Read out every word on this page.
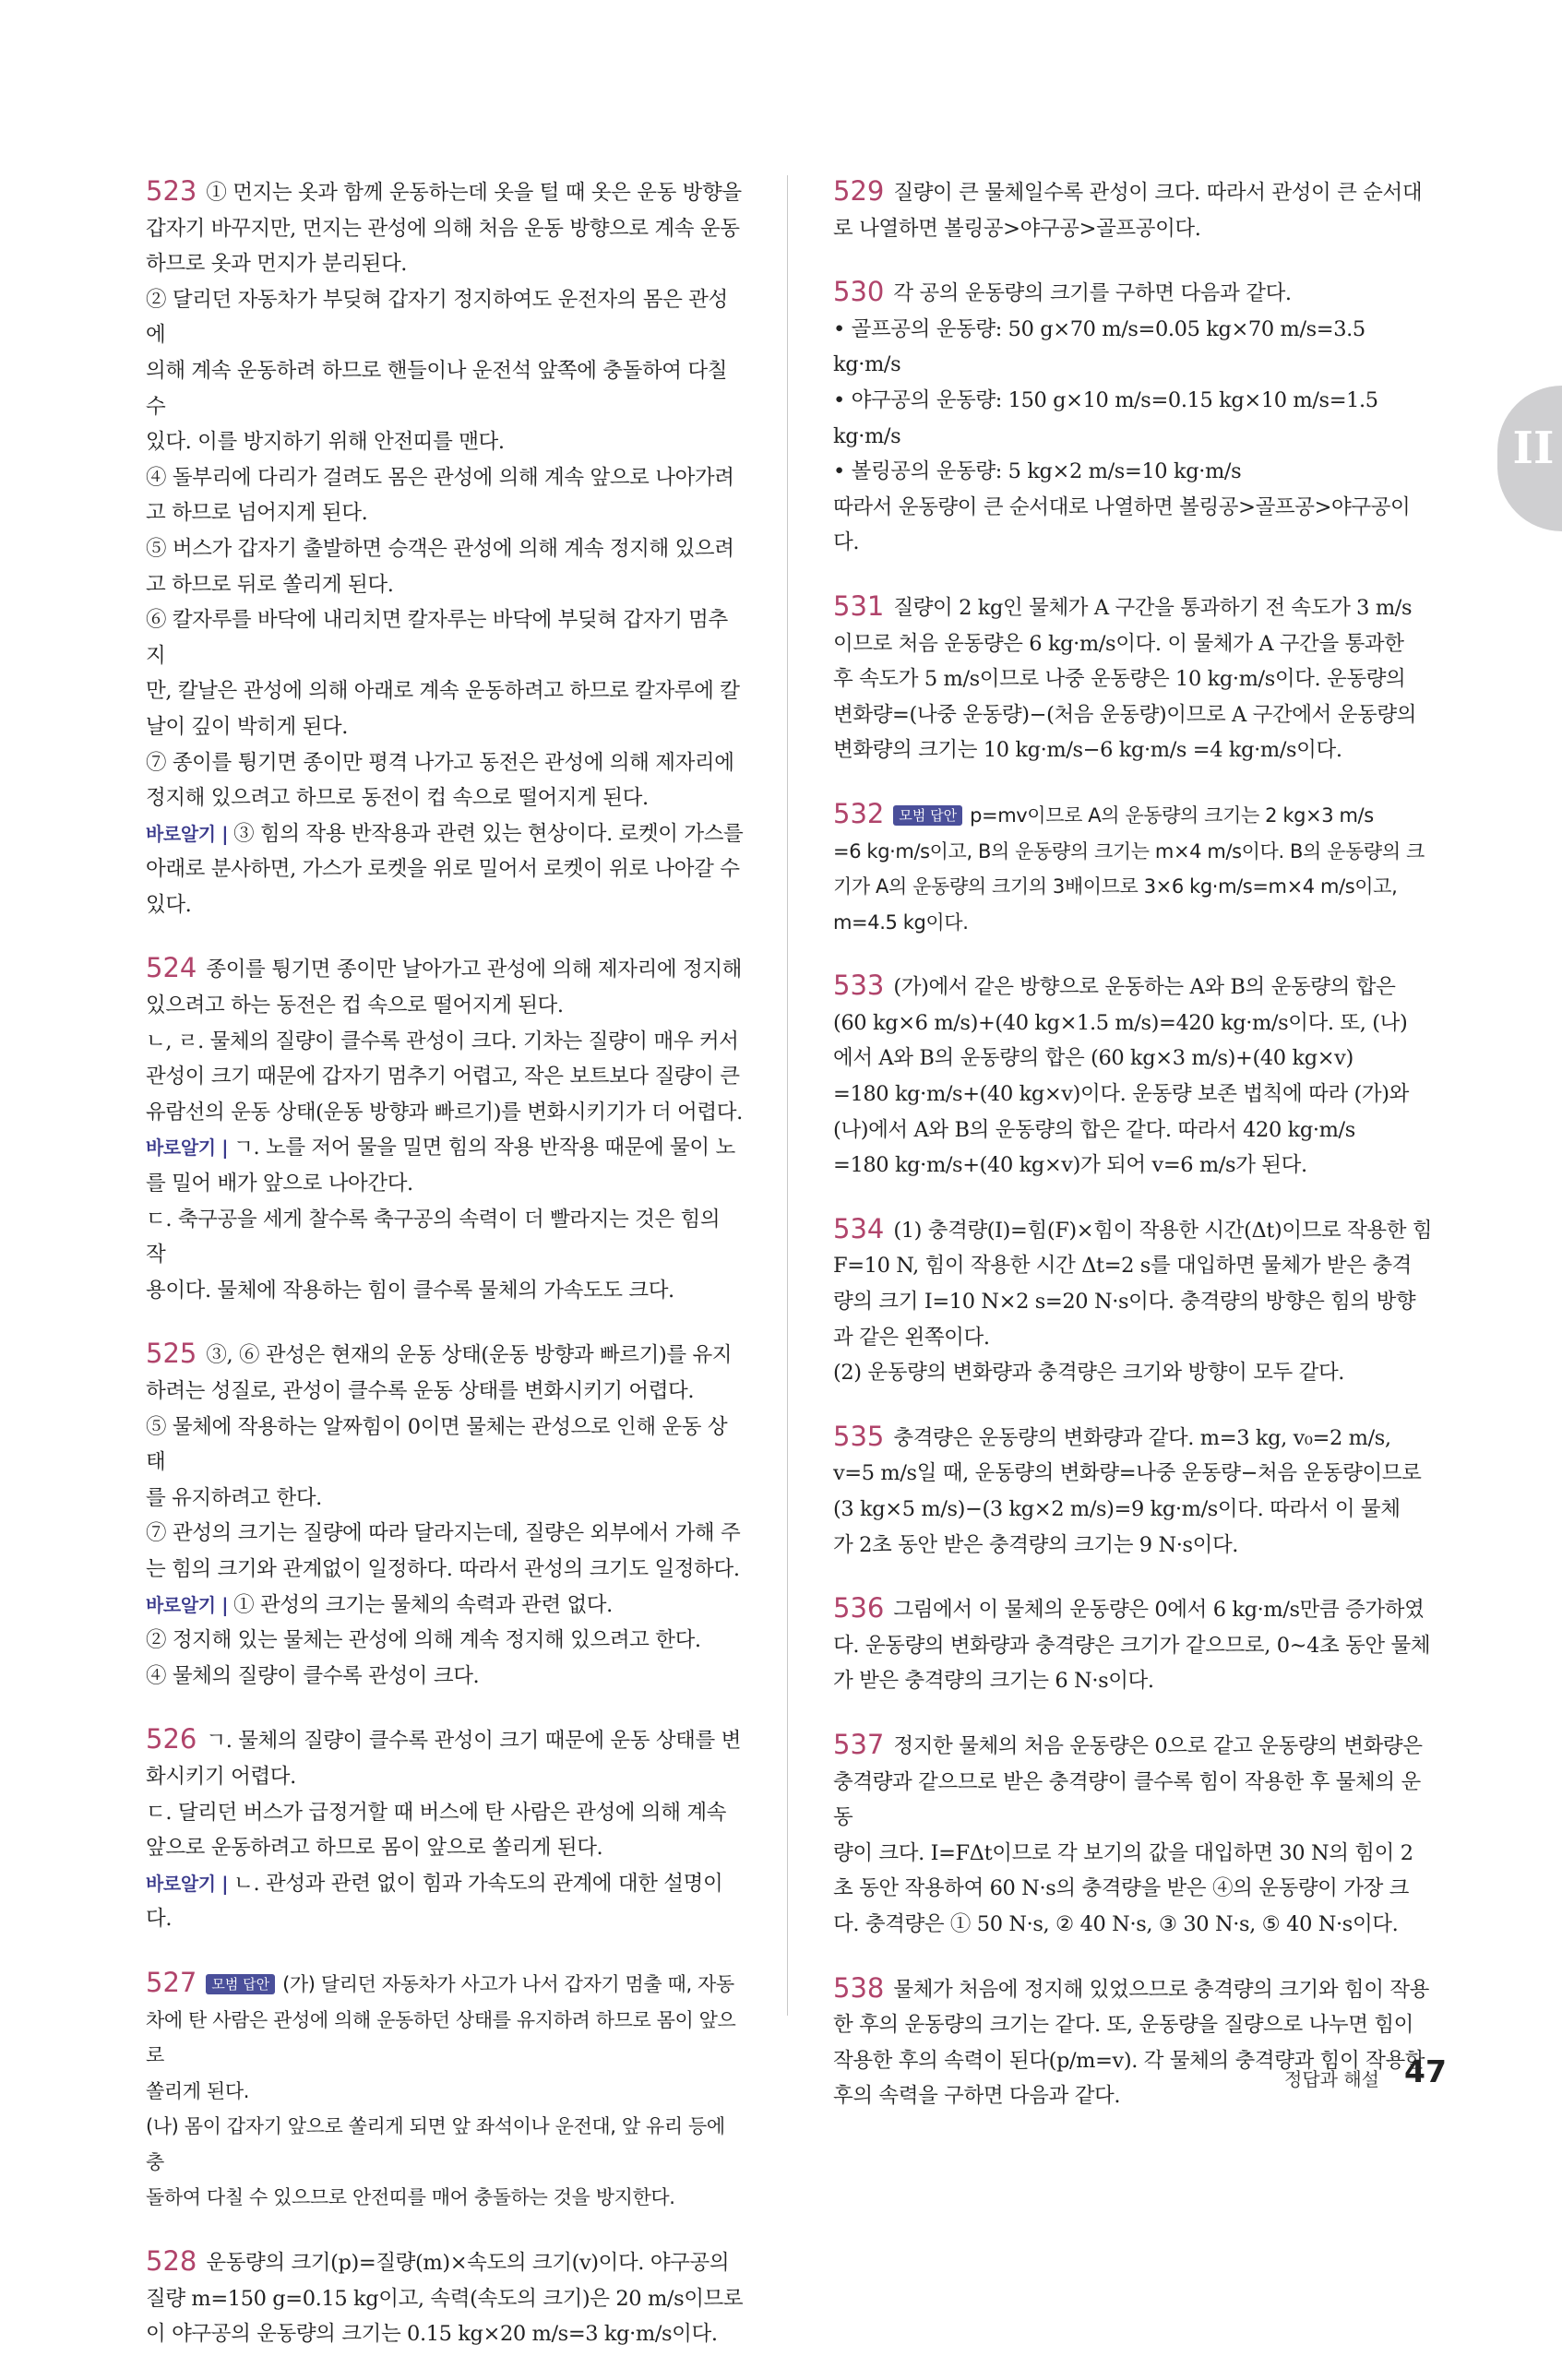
II
523 ① 먼지는 옷과 함께 운동하는데 옷을 털 때 옷은 운동 방향을
갑자기 바꾸지만, 먼지는 관성에 의해 처음 운동 방향으로 계속 운동
하므로 옷과 먼지가 분리된다.
② 달리던 자동차가 부딪혀 갑자기 정지하여도 운전자의 몸은 관성에
의해 계속 운동하려 하므로 핸들이나 운전석 앞쪽에 충돌하여 다칠 수
있다. 이를 방지하기 위해 안전띠를 맨다.
④ 돌부리에 다리가 걸려도 몸은 관성에 의해 계속 앞으로 나아가려
고 하므로 넘어지게 된다.
⑤ 버스가 갑자기 출발하면 승객은 관성에 의해 계속 정지해 있으려
고 하므로 뒤로 쏠리게 된다.
⑥ 칼자루를 바닥에 내리치면 칼자루는 바닥에 부딪혀 갑자기 멈추지
만, 칼날은 관성에 의해 아래로 계속 운동하려고 하므로 칼자루에 칼
날이 깊이 박히게 된다.
⑦ 종이를 튕기면 종이만 평격 나가고 동전은 관성에 의해 제자리에
정지해 있으려고 하므로 동전이 컵 속으로 떨어지게 된다.
바로알기 | ③ 힘의 작용 반작용과 관련 있는 현상이다. 로켓이 가스를
아래로 분사하면, 가스가 로켓을 위로 밀어서 로켓이 위로 나아갈 수
있다.
524 종이를 튕기면 종이만 날아가고 관성에 의해 제자리에 정지해
있으려고 하는 동전은 컵 속으로 떨어지게 된다.
ㄴ, ㄹ. 물체의 질량이 클수록 관성이 크다. 기차는 질량이 매우 커서
관성이 크기 때문에 갑자기 멈추기 어렵고, 작은 보트보다 질량이 큰
유람선의 운동 상태(운동 방향과 빠르기)를 변화시키기가 더 어렵다.
바로알기 | ㄱ. 노를 저어 물을 밀면 힘의 작용 반작용 때문에 물이 노
를 밀어 배가 앞으로 나아간다.
ㄷ. 축구공을 세게 찰수록 축구공의 속력이 더 빨라지는 것은 힘의 작
용이다. 물체에 작용하는 힘이 클수록 물체의 가속도도 크다.
525 ③, ⑥ 관성은 현재의 운동 상태(운동 방향과 빠르기)를 유지
하려는 성질로, 관성이 클수록 운동 상태를 변화시키기 어렵다.
⑤ 물체에 작용하는 알짜힘이 0이면 물체는 관성으로 인해 운동 상태
를 유지하려고 한다.
⑦ 관성의 크기는 질량에 따라 달라지는데, 질량은 외부에서 가해 주
는 힘의 크기와 관계없이 일정하다. 따라서 관성의 크기도 일정하다.
바로알기 | ① 관성의 크기는 물체의 속력과 관련 없다.
② 정지해 있는 물체는 관성에 의해 계속 정지해 있으려고 한다.
④ 물체의 질량이 클수록 관성이 크다.
526 ㄱ. 물체의 질량이 클수록 관성이 크기 때문에 운동 상태를 변
화시키기 어렵다.
ㄷ. 달리던 버스가 급정거할 때 버스에 탄 사람은 관성에 의해 계속
앞으로 운동하려고 하므로 몸이 앞으로 쏠리게 된다.
바로알기 | ㄴ. 관성과 관련 없이 힘과 가속도의 관계에 대한 설명이다.
527 모범 답안 (가) 달리던 자동차가 사고가 나서 갑자기 멈출 때, 자동
차에 탄 사람은 관성에 의해 운동하던 상태를 유지하려 하므로 몸이 앞으로
쏠리게 된다.
(나) 몸이 갑자기 앞으로 쏠리게 되면 앞 좌석이나 운전대, 앞 유리 등에 충
돌하여 다칠 수 있으므로 안전띠를 매어 충돌하는 것을 방지한다.
528 운동량의 크기(p)=질량(m)×속도의 크기(v)이다. 야구공의
질량 m=150 g=0.15 kg이고, 속력(속도의 크기)은 20 m/s이므로
이 야구공의 운동량의 크기는 0.15 kg×20 m/s=3 kg·m/s이다.
529 질량이 큰 물체일수록 관성이 크다. 따라서 관성이 큰 순서대
로 나열하면 볼링공>야구공>골프공이다.
530 각 공의 운동량의 크기를 구하면 다음과 같다.
• 골프공의 운동량: 50 g×70 m/s=0.05 kg×70 m/s=3.5 kg·m/s
• 야구공의 운동량: 150 g×10 m/s=0.15 kg×10 m/s=1.5 kg·m/s
• 볼링공의 운동량: 5 kg×2 m/s=10 kg·m/s
따라서 운동량이 큰 순서대로 나열하면 볼링공>골프공>야구공이다.
531 질량이 2 kg인 물체가 A 구간을 통과하기 전 속도가 3 m/s
이므로 처음 운동량은 6 kg·m/s이다. 이 물체가 A 구간을 통과한
후 속도가 5 m/s이므로 나중 운동량은 10 kg·m/s이다. 운동량의
변화량=(나중 운동량)−(처음 운동량)이므로 A 구간에서 운동량의
변화량의 크기는 10 kg·m/s−6 kg·m/s =4 kg·m/s이다.
532 모범 답안 p=mv이므로 A의 운동량의 크기는 2 kg×3 m/s
=6 kg·m/s이고, B의 운동량의 크기는 m×4 m/s이다. B의 운동량의 크
기가 A의 운동량의 크기의 3배이므로 3×6 kg·m/s=m×4 m/s이고,
m=4.5 kg이다.
533 (가)에서 같은 방향으로 운동하는 A와 B의 운동량의 합은
(60 kg×6 m/s)+(40 kg×1.5 m/s)=420 kg·m/s이다. 또, (나)
에서 A와 B의 운동량의 합은 (60 kg×3 m/s)+(40 kg×v)
=180 kg·m/s+(40 kg×v)이다. 운동량 보존 법칙에 따라 (가)와
(나)에서 A와 B의 운동량의 합은 같다. 따라서 420 kg·m/s
=180 kg·m/s+(40 kg×v)가 되어 v=6 m/s가 된다.
534 (1) 충격량(I)=힘(F)×힘이 작용한 시간(Δt)이므로 작용한 힘
F=10 N, 힘이 작용한 시간 Δt=2 s를 대입하면 물체가 받은 충격
량의 크기 I=10 N×2 s=20 N·s이다. 충격량의 방향은 힘의 방향
과 같은 왼쪽이다.
(2) 운동량의 변화량과 충격량은 크기와 방향이 모두 같다.
535 충격량은 운동량의 변화량과 같다. m=3 kg, v₀=2 m/s,
v=5 m/s일 때, 운동량의 변화량=나중 운동량−처음 운동량이므로
(3 kg×5 m/s)−(3 kg×2 m/s)=9 kg·m/s이다. 따라서 이 물체
가 2초 동안 받은 충격량의 크기는 9 N·s이다.
536 그림에서 이 물체의 운동량은 0에서 6 kg·m/s만큼 증가하였
다. 운동량의 변화량과 충격량은 크기가 같으므로, 0~4초 동안 물체
가 받은 충격량의 크기는 6 N·s이다.
537 정지한 물체의 처음 운동량은 0으로 같고 운동량의 변화량은
충격량과 같으므로 받은 충격량이 클수록 힘이 작용한 후 물체의 운동
량이 크다. I=FΔt이므로 각 보기의 값을 대입하면 30 N의 힘이 2
초 동안 작용하여 60 N·s의 충격량을 받은 ④의 운동량이 가장 크
다. 충격량은 ① 50 N·s, ② 40 N·s, ③ 30 N·s, ⑤ 40 N·s이다.
538 물체가 처음에 정지해 있었으므로 충격량의 크기와 힘이 작용
한 후의 운동량의 크기는 같다. 또, 운동량을 질량으로 나누면 힘이
작용한 후의 속력이 된다(p/m=v). 각 물체의 충격량과 힘이 작용한
후의 속력을 구하면 다음과 같다.
정답과 해설 47
